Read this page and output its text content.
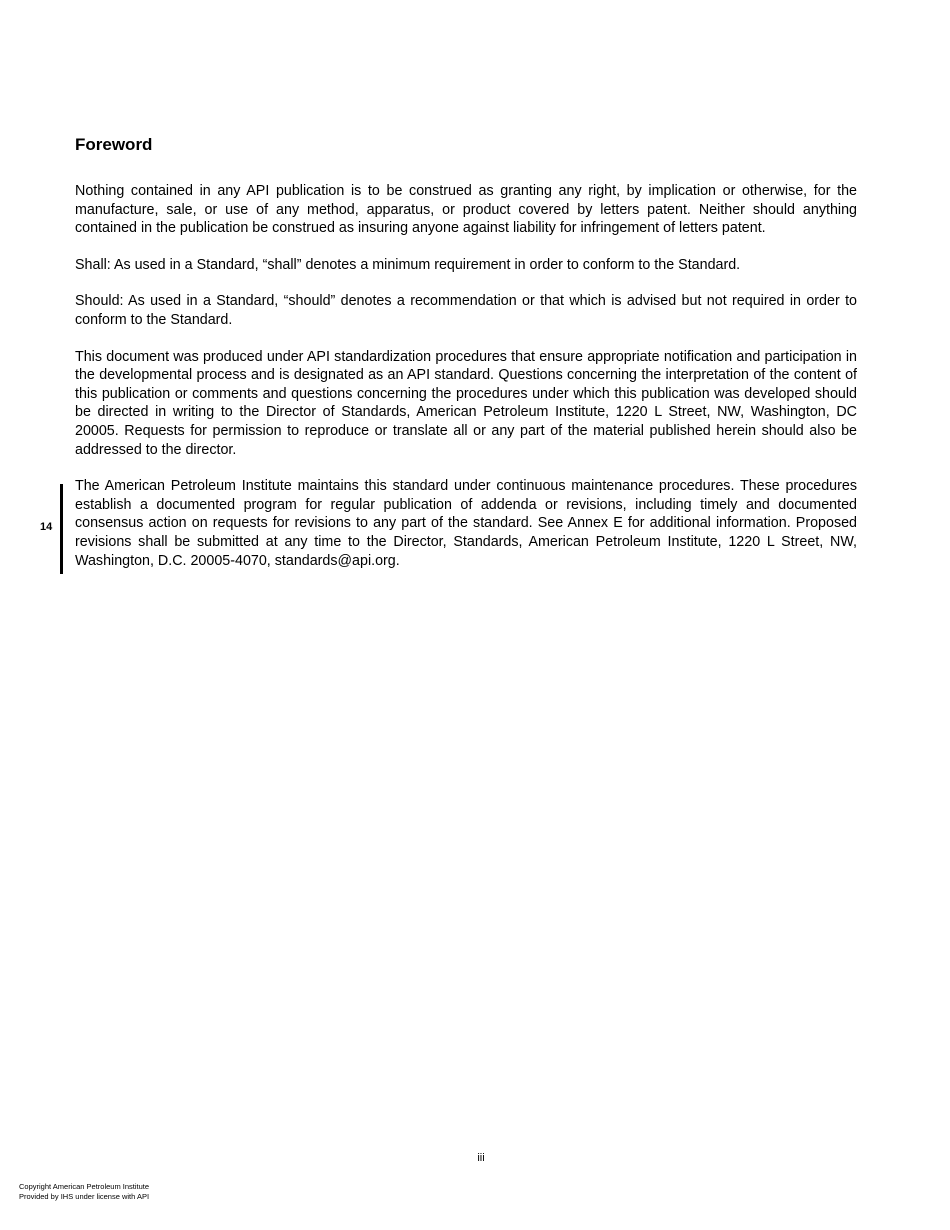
Foreword

Nothing contained in any API publication is to be construed as granting any right, by implication or otherwise, for the manufacture, sale, or use of any method, apparatus, or product covered by letters patent. Neither should anything contained in the publication be construed as insuring anyone against liability for infringement of letters patent.

Shall: As used in a Standard, “shall” denotes a minimum requirement in order to conform to the Standard.

Should: As used in a Standard, “should” denotes a recommendation or that which is advised but not required in order to conform to the Standard.

This document was produced under API standardization procedures that ensure appropriate notification and participation in the developmental process and is designated as an API standard. Questions concerning the interpretation of the content of this publication or comments and questions concerning the procedures under which this publication was developed should be directed in writing to the Director of Standards, American Petroleum Institute, 1220 L Street, NW, Washington, DC 20005. Requests for permission to reproduce or translate all or any part of the material published herein should also be addressed to the director.

The American Petroleum Institute maintains this standard under continuous maintenance procedures. These procedures establish a documented program for regular publication of addenda or revisions, including timely and documented consensus action on requests for revisions to any part of the standard. See Annex E for additional information. Proposed revisions shall be submitted at any time to the Director, Standards, American Petroleum Institute, 1220 L Street, NW, Washington, D.C. 20005-4070, standards@api.org.

14
iii
Copyright American Petroleum Institute
Provided by IHS under license with API
